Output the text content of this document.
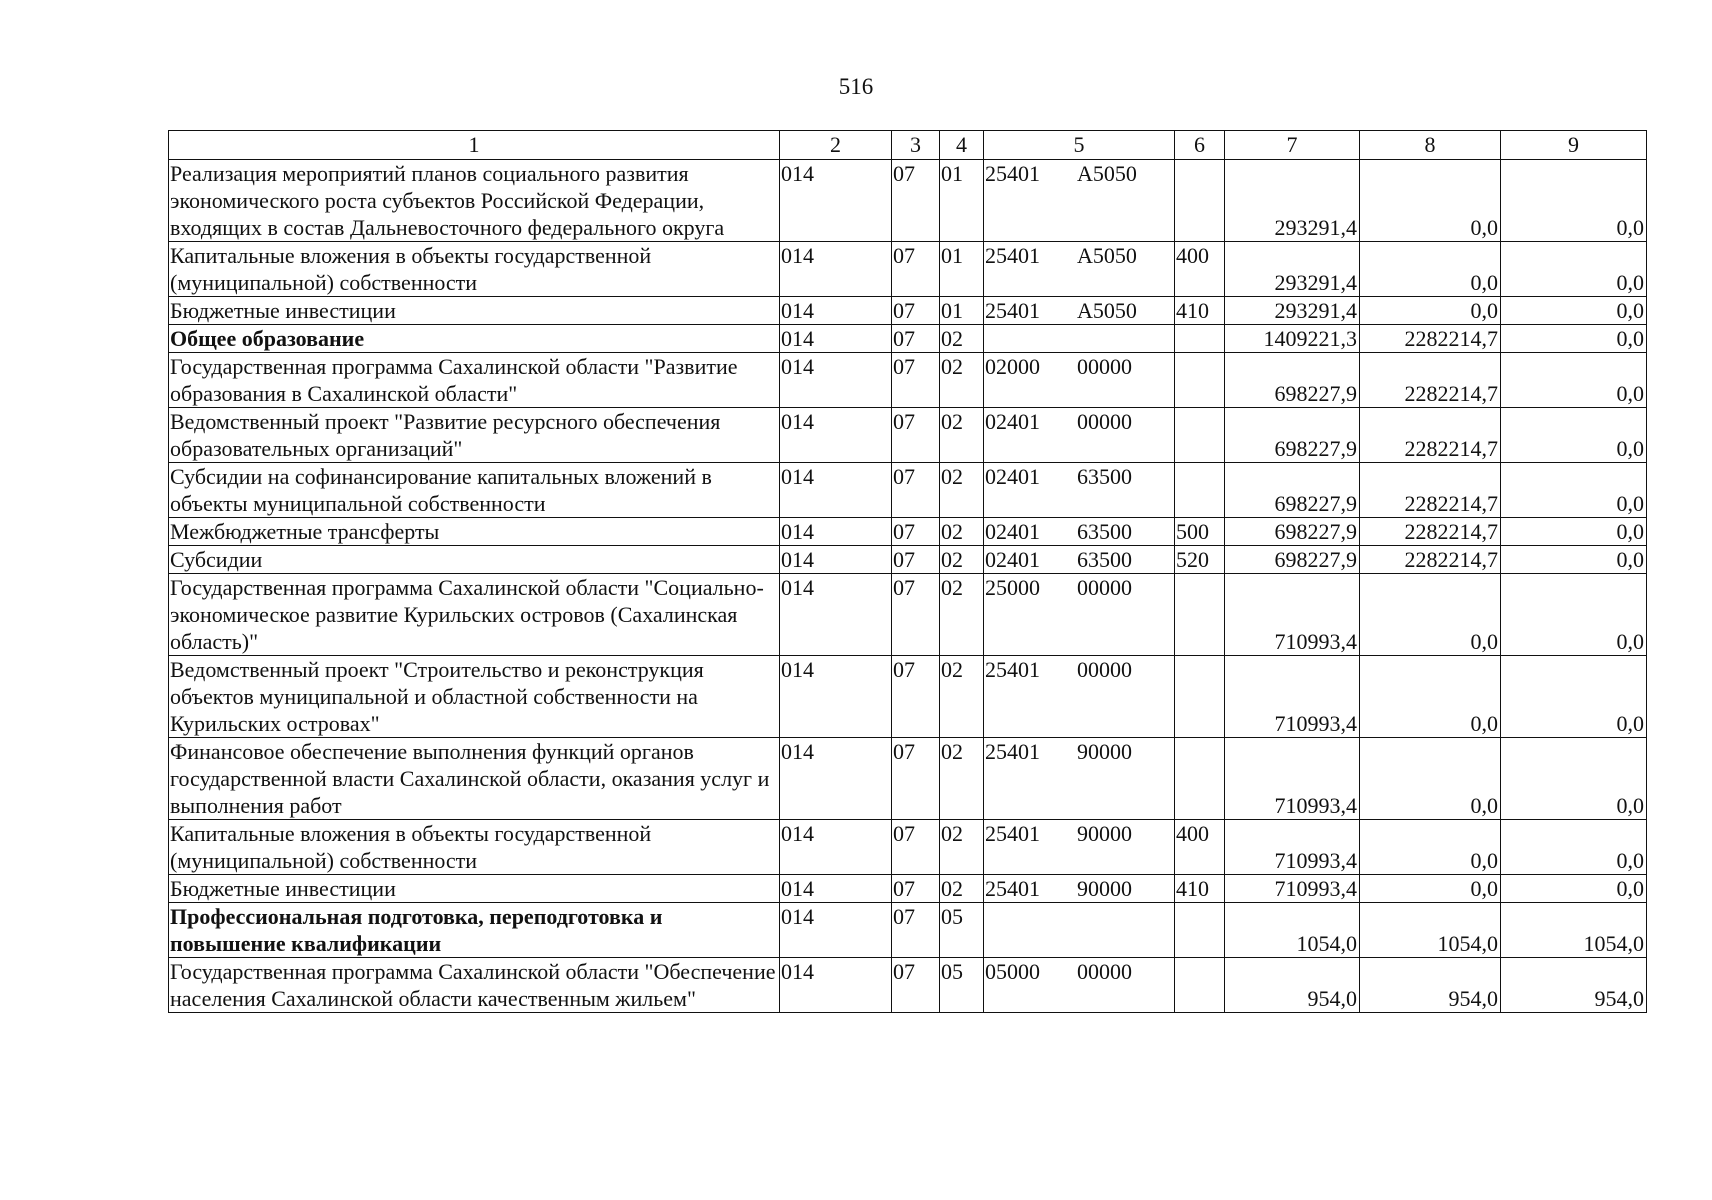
516
1	2	3	4	5	6	7	8	9
Реализация мероприятий планов социального развития экономического роста субъектов Российской Федерации, входящих в состав Дальневосточного федерального округа	014	07	01	25401 А5050		293291,4	0,0	0,0
Капитальные вложения в объекты государственной (муниципальной) собственности	014	07	01	25401 А5050	400	293291,4	0,0	0,0
Бюджетные инвестиции	014	07	01	25401 А5050	410	293291,4	0,0	0,0
Общее образование	014	07	02			1409221,3	2282214,7	0,0
Государственная программа Сахалинской области "Развитие образования в Сахалинской области"	014	07	02	02000 00000		698227,9	2282214,7	0,0
Ведомственный проект "Развитие ресурсного обеспечения образовательных организаций"	014	07	02	02401 00000		698227,9	2282214,7	0,0
Субсидии на софинансирование капитальных вложений в объекты муниципальной собственности	014	07	02	02401 63500		698227,9	2282214,7	0,0
Межбюджетные трансферты	014	07	02	02401 63500	500	698227,9	2282214,7	0,0
Субсидии	014	07	02	02401 63500	520	698227,9	2282214,7	0,0
Государственная программа Сахалинской области "Социально-экономическое развитие Курильских островов (Сахалинская область)"	014	07	02	25000 00000		710993,4	0,0	0,0
Ведомственный проект "Строительство и реконструкция объектов муниципальной и областной собственности на Курильских островах"	014	07	02	25401 00000		710993,4	0,0	0,0
Финансовое обеспечение выполнения функций органов государственной власти Сахалинской области, оказания услуг и выполнения работ	014	07	02	25401 90000		710993,4	0,0	0,0
Капитальные вложения в объекты государственной (муниципальной) собственности	014	07	02	25401 90000	400	710993,4	0,0	0,0
Бюджетные инвестиции	014	07	02	25401 90000	410	710993,4	0,0	0,0
Профессиональная подготовка, переподготовка и повышение квалификации	014	07	05			1054,0	1054,0	1054,0
Государственная программа Сахалинской области "Обеспечение населения Сахалинской области качественным жильем"	014	07	05	05000 00000		954,0	954,0	954,0
